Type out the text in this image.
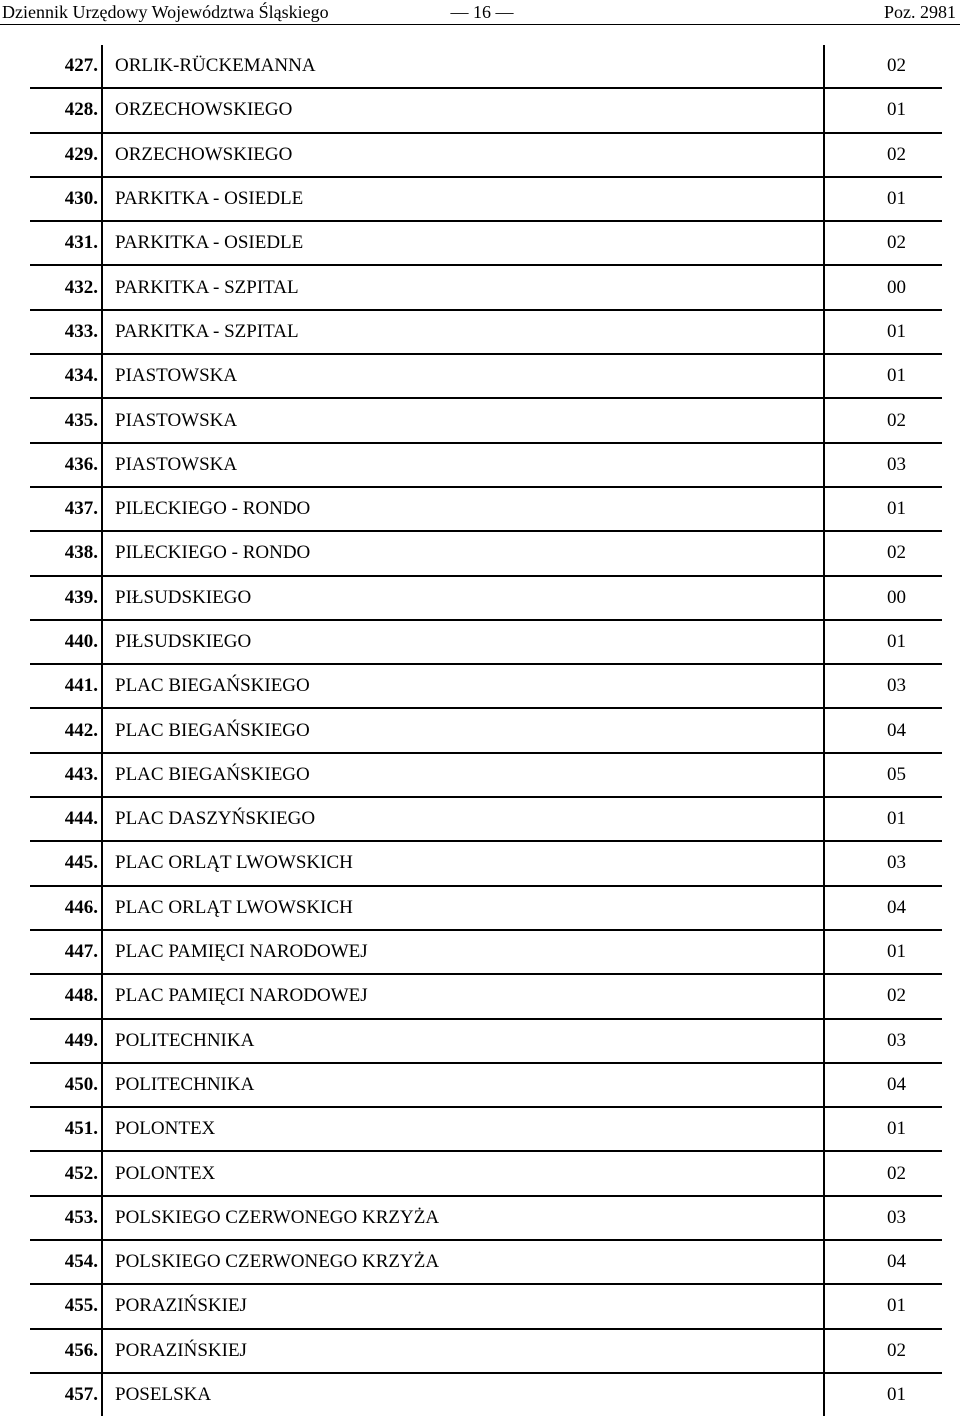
Dziennik Urzędowy Województwa Śląskiego	— 16 —	Poz. 2981
427.	ORLIK-RÜCKEMANNA	02
428.	ORZECHOWSKIEGO	01
429.	ORZECHOWSKIEGO	02
430.	PARKITKA - OSIEDLE	01
431.	PARKITKA - OSIEDLE	02
432.	PARKITKA - SZPITAL	00
433.	PARKITKA - SZPITAL	01
434.	PIASTOWSKA	01
435.	PIASTOWSKA	02
436.	PIASTOWSKA	03
437.	PILECKIEGO - RONDO	01
438.	PILECKIEGO - RONDO	02
439.	PIŁSUDSKIEGO	00
440.	PIŁSUDSKIEGO	01
441.	PLAC BIEGAŃSKIEGO	03
442.	PLAC BIEGAŃSKIEGO	04
443.	PLAC BIEGAŃSKIEGO	05
444.	PLAC DASZYŃSKIEGO	01
445.	PLAC ORLĄT LWOWSKICH	03
446.	PLAC ORLĄT LWOWSKICH	04
447.	PLAC PAMIĘCI NARODOWEJ	01
448.	PLAC PAMIĘCI NARODOWEJ	02
449.	POLITECHNIKA	03
450.	POLITECHNIKA	04
451.	POLONTEX	01
452.	POLONTEX	02
453.	POLSKIEGO CZERWONEGO KRZYŻA	03
454.	POLSKIEGO CZERWONEGO KRZYŻA	04
455.	PORAZIŃSKIEJ	01
456.	PORAZIŃSKIEJ	02
457.	POSELSKA	01
